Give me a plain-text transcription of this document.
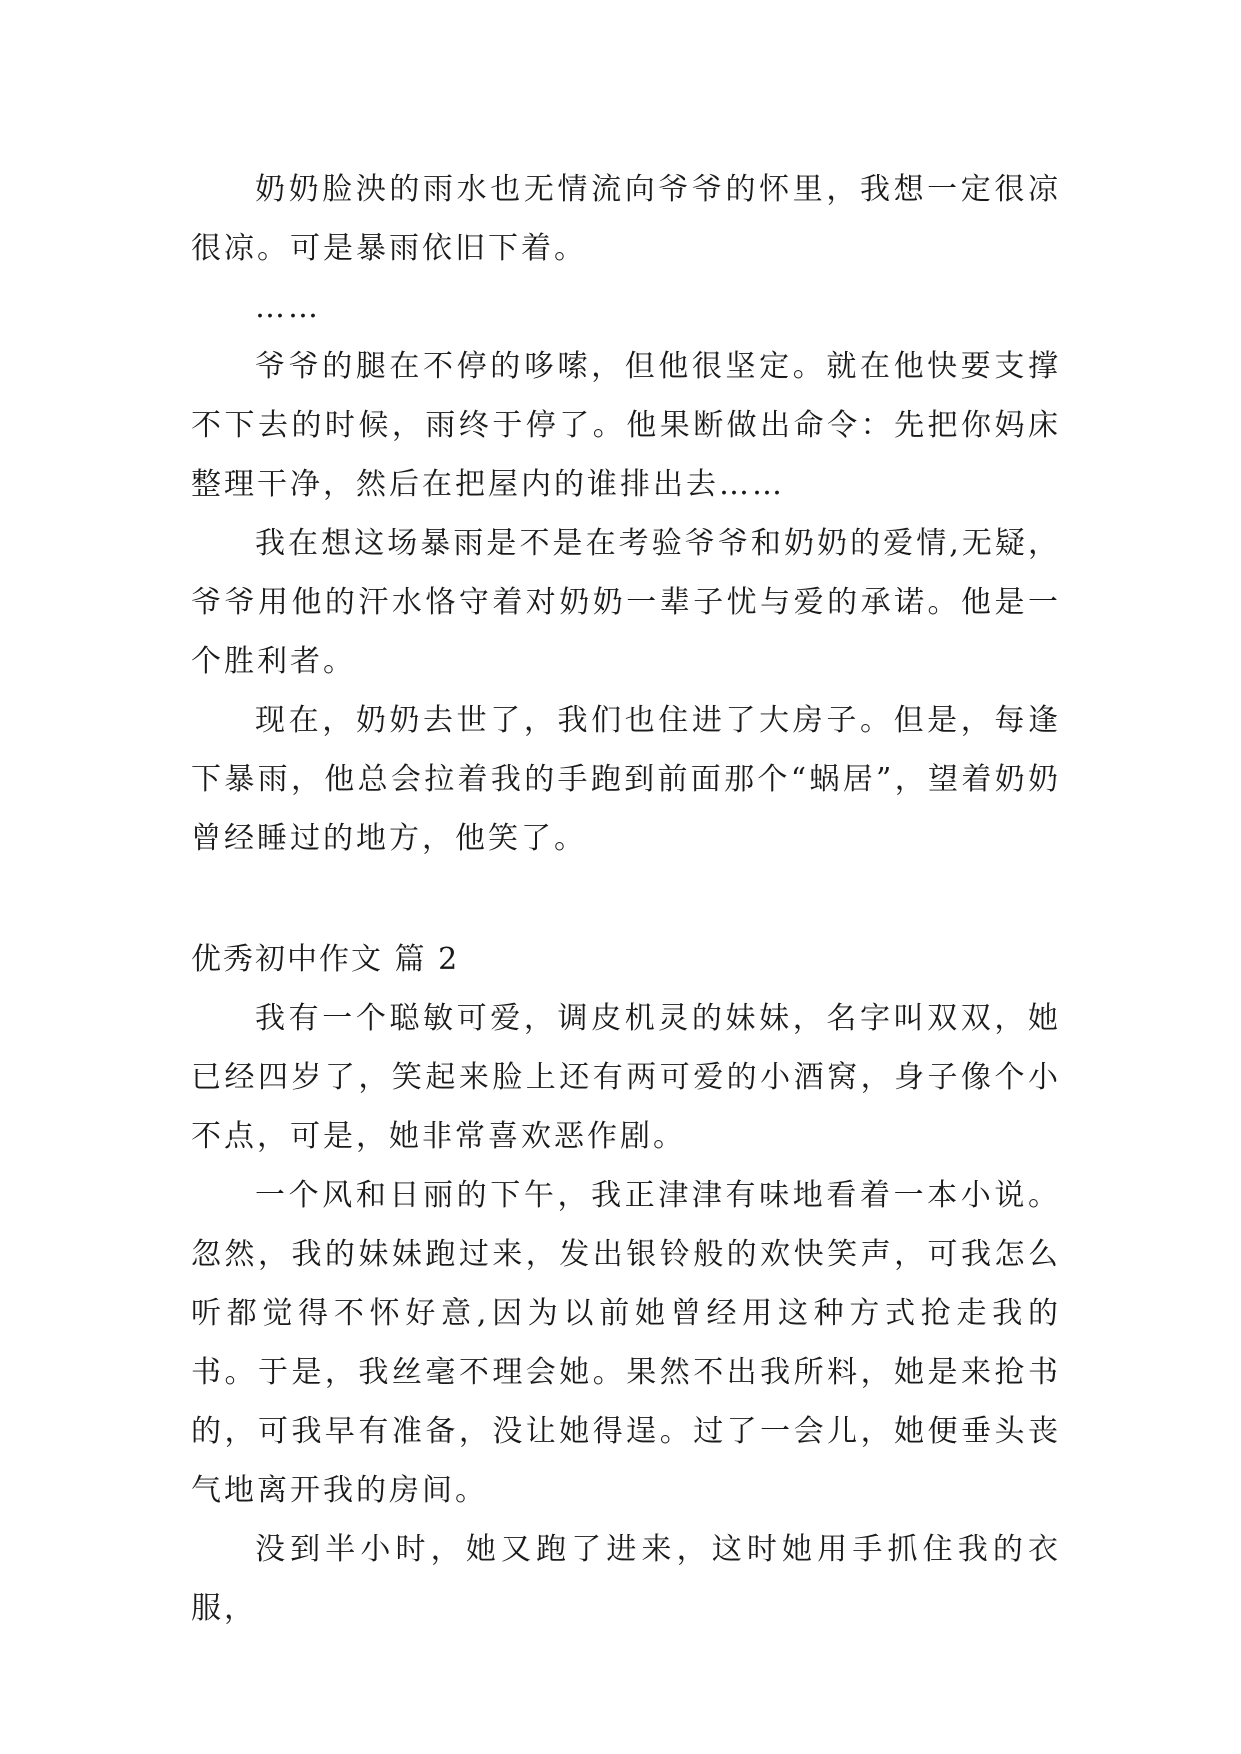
奶奶脸泱的雨水也无情流向爷爷的怀里，我想一定很凉很凉。可是暴雨依旧下着。

……

爷爷的腿在不停的哆嗦，但他很坚定。就在他快要支撑不下去的时候，雨终于停了。他果断做出命令：先把你妈床整理干净，然后在把屋内的谁排出去……

我在想这场暴雨是不是在考验爷爷和奶奶的爱情,无疑，爷爷用他的汗水恪守着对奶奶一辈子忧与爱的承诺。他是一个胜利者。

现在，奶奶去世了，我们也住进了大房子。但是，每逢下暴雨，他总会拉着我的手跑到前面那个“蜗居”，望着奶奶曾经睡过的地方，他笑了。

优秀初中作文 篇 2

我有一个聪敏可爱，调皮机灵的妹妹，名字叫双双，她已经四岁了，笑起来脸上还有两可爱的小酒窝，身子像个小不点，可是，她非常喜欢恶作剧。

一个风和日丽的下午，我正津津有味地看着一本小说。忽然，我的妹妹跑过来，发出银铃般的欢快笑声，可我怎么听都觉得不怀好意,因为以前她曾经用这种方式抢走我的书。于是，我丝毫不理会她。果然不出我所料，她是来抢书的，可我早有准备，没让她得逞。过了一会儿，她便垂头丧气地离开我的房间。

没到半小时，她又跑了进来，这时她用手抓住我的衣服，
